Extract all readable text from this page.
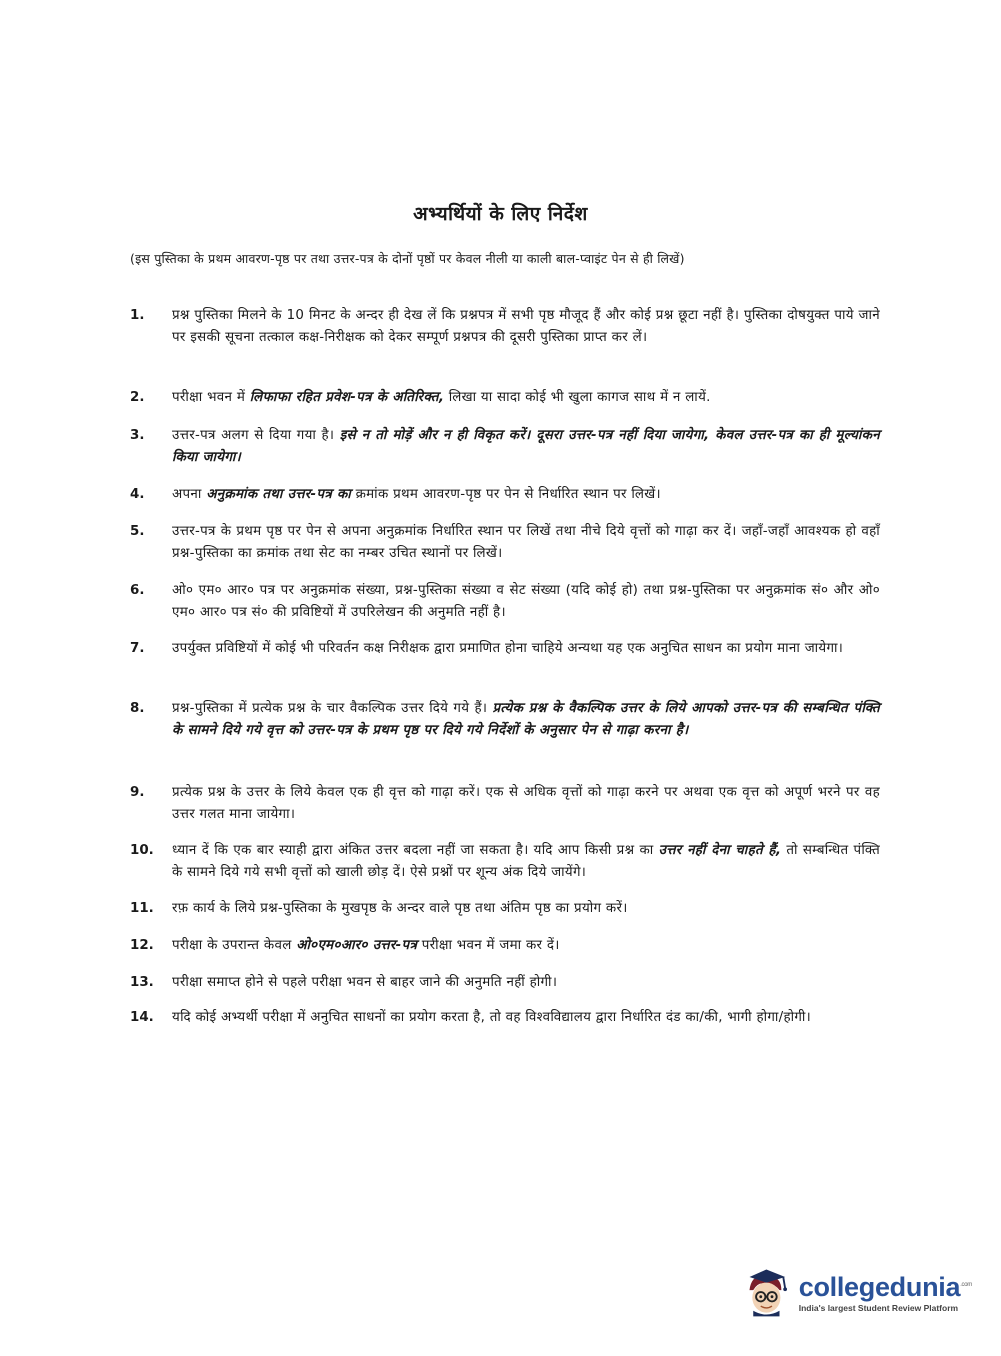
अभ्यर्थियों के लिए निर्देश
(इस पुस्तिका के प्रथम आवरण-पृष्ठ पर तथा उत्तर-पत्र के दोनों पृष्ठों पर केवल नीली या काली बाल-प्वाइंट पेन से ही लिखें)
1.	प्रश्न पुस्तिका मिलने के 10 मिनट के अन्दर ही देख लें कि प्रश्नपत्र में सभी पृष्ठ मौजूद हैं और कोई प्रश्न छूटा नहीं है। पुस्तिका दोषयुक्त पाये जाने पर इसकी सूचना तत्काल कक्ष-निरीक्षक को देकर सम्पूर्ण प्रश्नपत्र की दूसरी पुस्तिका प्राप्त कर लें।
2.	परीक्षा भवन में लिफाफा रहित प्रवेश-पत्र के अतिरिक्त, लिखा या सादा कोई भी खुला कागज साथ में न लायें.
3.	उत्तर-पत्र अलग से दिया गया है। इसे न तो मोड़ें और न ही विकृत करें। दूसरा उत्तर-पत्र नहीं दिया जायेगा, केवल उत्तर-पत्र का ही मूल्यांकन किया जायेगा।
4.	अपना अनुक्रमांक तथा उत्तर-पत्र का क्रमांक प्रथम आवरण-पृष्ठ पर पेन से निर्धारित स्थान पर लिखें।
5.	उत्तर-पत्र के प्रथम पृष्ठ पर पेन से अपना अनुक्रमांक निर्धारित स्थान पर लिखें तथा नीचे दिये वृत्तों को गाढ़ा कर दें। जहाँ-जहाँ आवश्यक हो वहाँ प्रश्न-पुस्तिका का क्रमांक तथा सेट का नम्बर उचित स्थानों पर लिखें।
6.	ओ० एम० आर० पत्र पर अनुक्रमांक संख्या, प्रश्न-पुस्तिका संख्या व सेट संख्या (यदि कोई हो) तथा प्रश्न-पुस्तिका पर अनुक्रमांक सं० और ओ० एम० आर० पत्र सं० की प्रविष्टियों में उपरिलेखन की अनुमति नहीं है।
7.	उपर्युक्त प्रविष्टियों में कोई भी परिवर्तन कक्ष निरीक्षक द्वारा प्रमाणित होना चाहिये अन्यथा यह एक अनुचित साधन का प्रयोग माना जायेगा।
8.	प्रश्न-पुस्तिका में प्रत्येक प्रश्न के चार वैकल्पिक उत्तर दिये गये हैं। प्रत्येक प्रश्न के वैकल्पिक उत्तर के लिये आपको उत्तर-पत्र की सम्बन्धित पंक्ति के सामने दिये गये वृत्त को उत्तर-पत्र के प्रथम पृष्ठ पर दिये गये निर्देशों के अनुसार पेन से गाढ़ा करना है।
9.	प्रत्येक प्रश्न के उत्तर के लिये केवल एक ही वृत्त को गाढ़ा करें। एक से अधिक वृत्तों को गाढ़ा करने पर अथवा एक वृत्त को अपूर्ण भरने पर वह उत्तर गलत माना जायेगा।
10.	ध्यान दें कि एक बार स्याही द्वारा अंकित उत्तर बदला नहीं जा सकता है। यदि आप किसी प्रश्न का उत्तर नहीं देना चाहते हैं, तो सम्बन्धित पंक्ति के सामने दिये गये सभी वृत्तों को खाली छोड़ दें। ऐसे प्रश्नों पर शून्य अंक दिये जायेंगे।
11.	रफ़ कार्य के लिये प्रश्न-पुस्तिका के मुखपृष्ठ के अन्दर वाले पृष्ठ तथा अंतिम पृष्ठ का प्रयोग करें।
12.	परीक्षा के उपरान्त केवल ओ०एम०आर० उत्तर-पत्र परीक्षा भवन में जमा कर दें।
13.	परीक्षा समाप्त होने से पहले परीक्षा भवन से बाहर जाने की अनुमति नहीं होगी।
14.	यदि कोई अभ्यर्थी परीक्षा में अनुचित साधनों का प्रयोग करता है, तो वह विश्वविद्यालय द्वारा निर्धारित दंड का/की, भागी होगा/होगी।
collegedunia$^{.com}$
India's largest Student Review Platform
